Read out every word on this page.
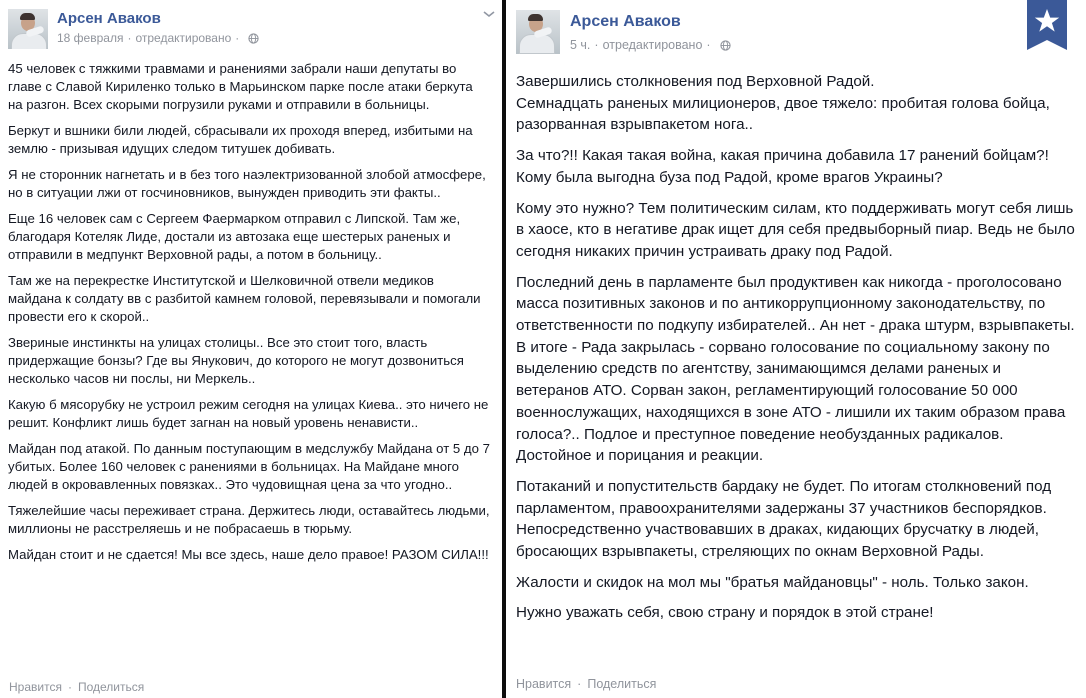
Арсен Аваков
18 февраля · отредактировано ·

45 человек с тяжкими травмами и ранениями забрали наши депутаты во главе с Славой Кириленко только в Марьинском парке после атаки беркута на разгон. Всех скорыми погрузили руками и отправили в больницы.

Беркут и вшники били людей, сбрасывали их проходя вперед, избитыми на землю - призывая идущих следом титушек добивать.

Я не сторонник нагнетать и в без того наэлектризованной злобой атмосфере, но в ситуации лжи от госчиновников, вынужден приводить эти факты..

Еще 16 человек сам с Сергеем Фаермарком отправил с Липской. Там же, благодаря Котеляк Лиде, достали из автозака еще шестерых раненых и отправили в медпункт Верховной рады, а потом в больницу..

Там же на перекрестке Институтской и Шелковичной отвели медиков майдана к солдату вв с разбитой камнем головой, перевязывали и помогали провести его к скорой..

Звериные инстинкты на улицах столицы.. Все это стоит того, власть придержащие бонзы? Где вы Янукович, до которого не могут дозвониться несколько часов ни послы, ни Меркель..

Какую б мясорубку не устроил режим сегодня на улицах Киева.. это ничего не решит. Конфликт лишь будет загнан на новый уровень ненависти..

Майдан под атакой. По данным поступающим в медслужбу Майдана от 5 до 7 убитых. Более 160 человек с ранениями в больницах. На Майдане много людей в окровавленных повязках.. Это чудовищная цена за что угодно..

Тяжелейшие часы переживает страна. Держитесь люди, оставайтесь людьми, миллионы не расстреляешь и не побрасаешь в тюрьму.

Майдан стоит и не сдается! Мы все здесь, наше дело правое! РАЗОМ СИЛА!!!

Нравится · Поделиться
Арсен Аваков
5 ч. · отредактировано ·

Завершились столкновения под Верховной Радой.
Семнадцать раненых милиционеров, двое тяжело: пробитая голова бойца, разорванная взрывпакетом нога..

За что?!! Какая такая война, какая причина добавила 17 ранений бойцам?! Кому была выгодна буза под Радой, кроме врагов Украины?

Кому это нужно? Тем политическим силам, кто поддерживать могут себя лишь в хаосе, кто в негативе драк ищет для себя предвыборный пиар. Ведь не было сегодня никаких причин устраивать драку под Радой.

Последний день в парламенте был продуктивен как никогда - проголосовано масса позитивных законов и по антикоррупционному законодательству, по ответственности по подкупу избирателей.. Ан нет - драка штурм, взрывпакеты. В итоге - Рада закрылась - сорвано голосование по социальному закону по выделению средств по агентству, занимающимся делами раненых и ветеранов АТО. Сорван закон, регламентирующий голосование 50 000 военнослужащих, находящихся в зоне АТО - лишили их таким образом права голоса?.. Подлое и преступное поведение необузданных радикалов. Достойное и порицания и реакции.

Потаканий и попустительств бардаку не будет. По итогам столкновений под парламентом, правоохранителями задержаны 37 участников беспорядков. Непосредственно участвовавших в драках, кидающих брусчатку в людей, бросающих взрывпакеты, стреляющих по окнам Верховной Рады.

Жалости и скидок на мол мы "братья майдановцы" - ноль. Только закон.

Нужно уважать себя, свою страну и порядок в этой стране!

Нравится · Поделиться
